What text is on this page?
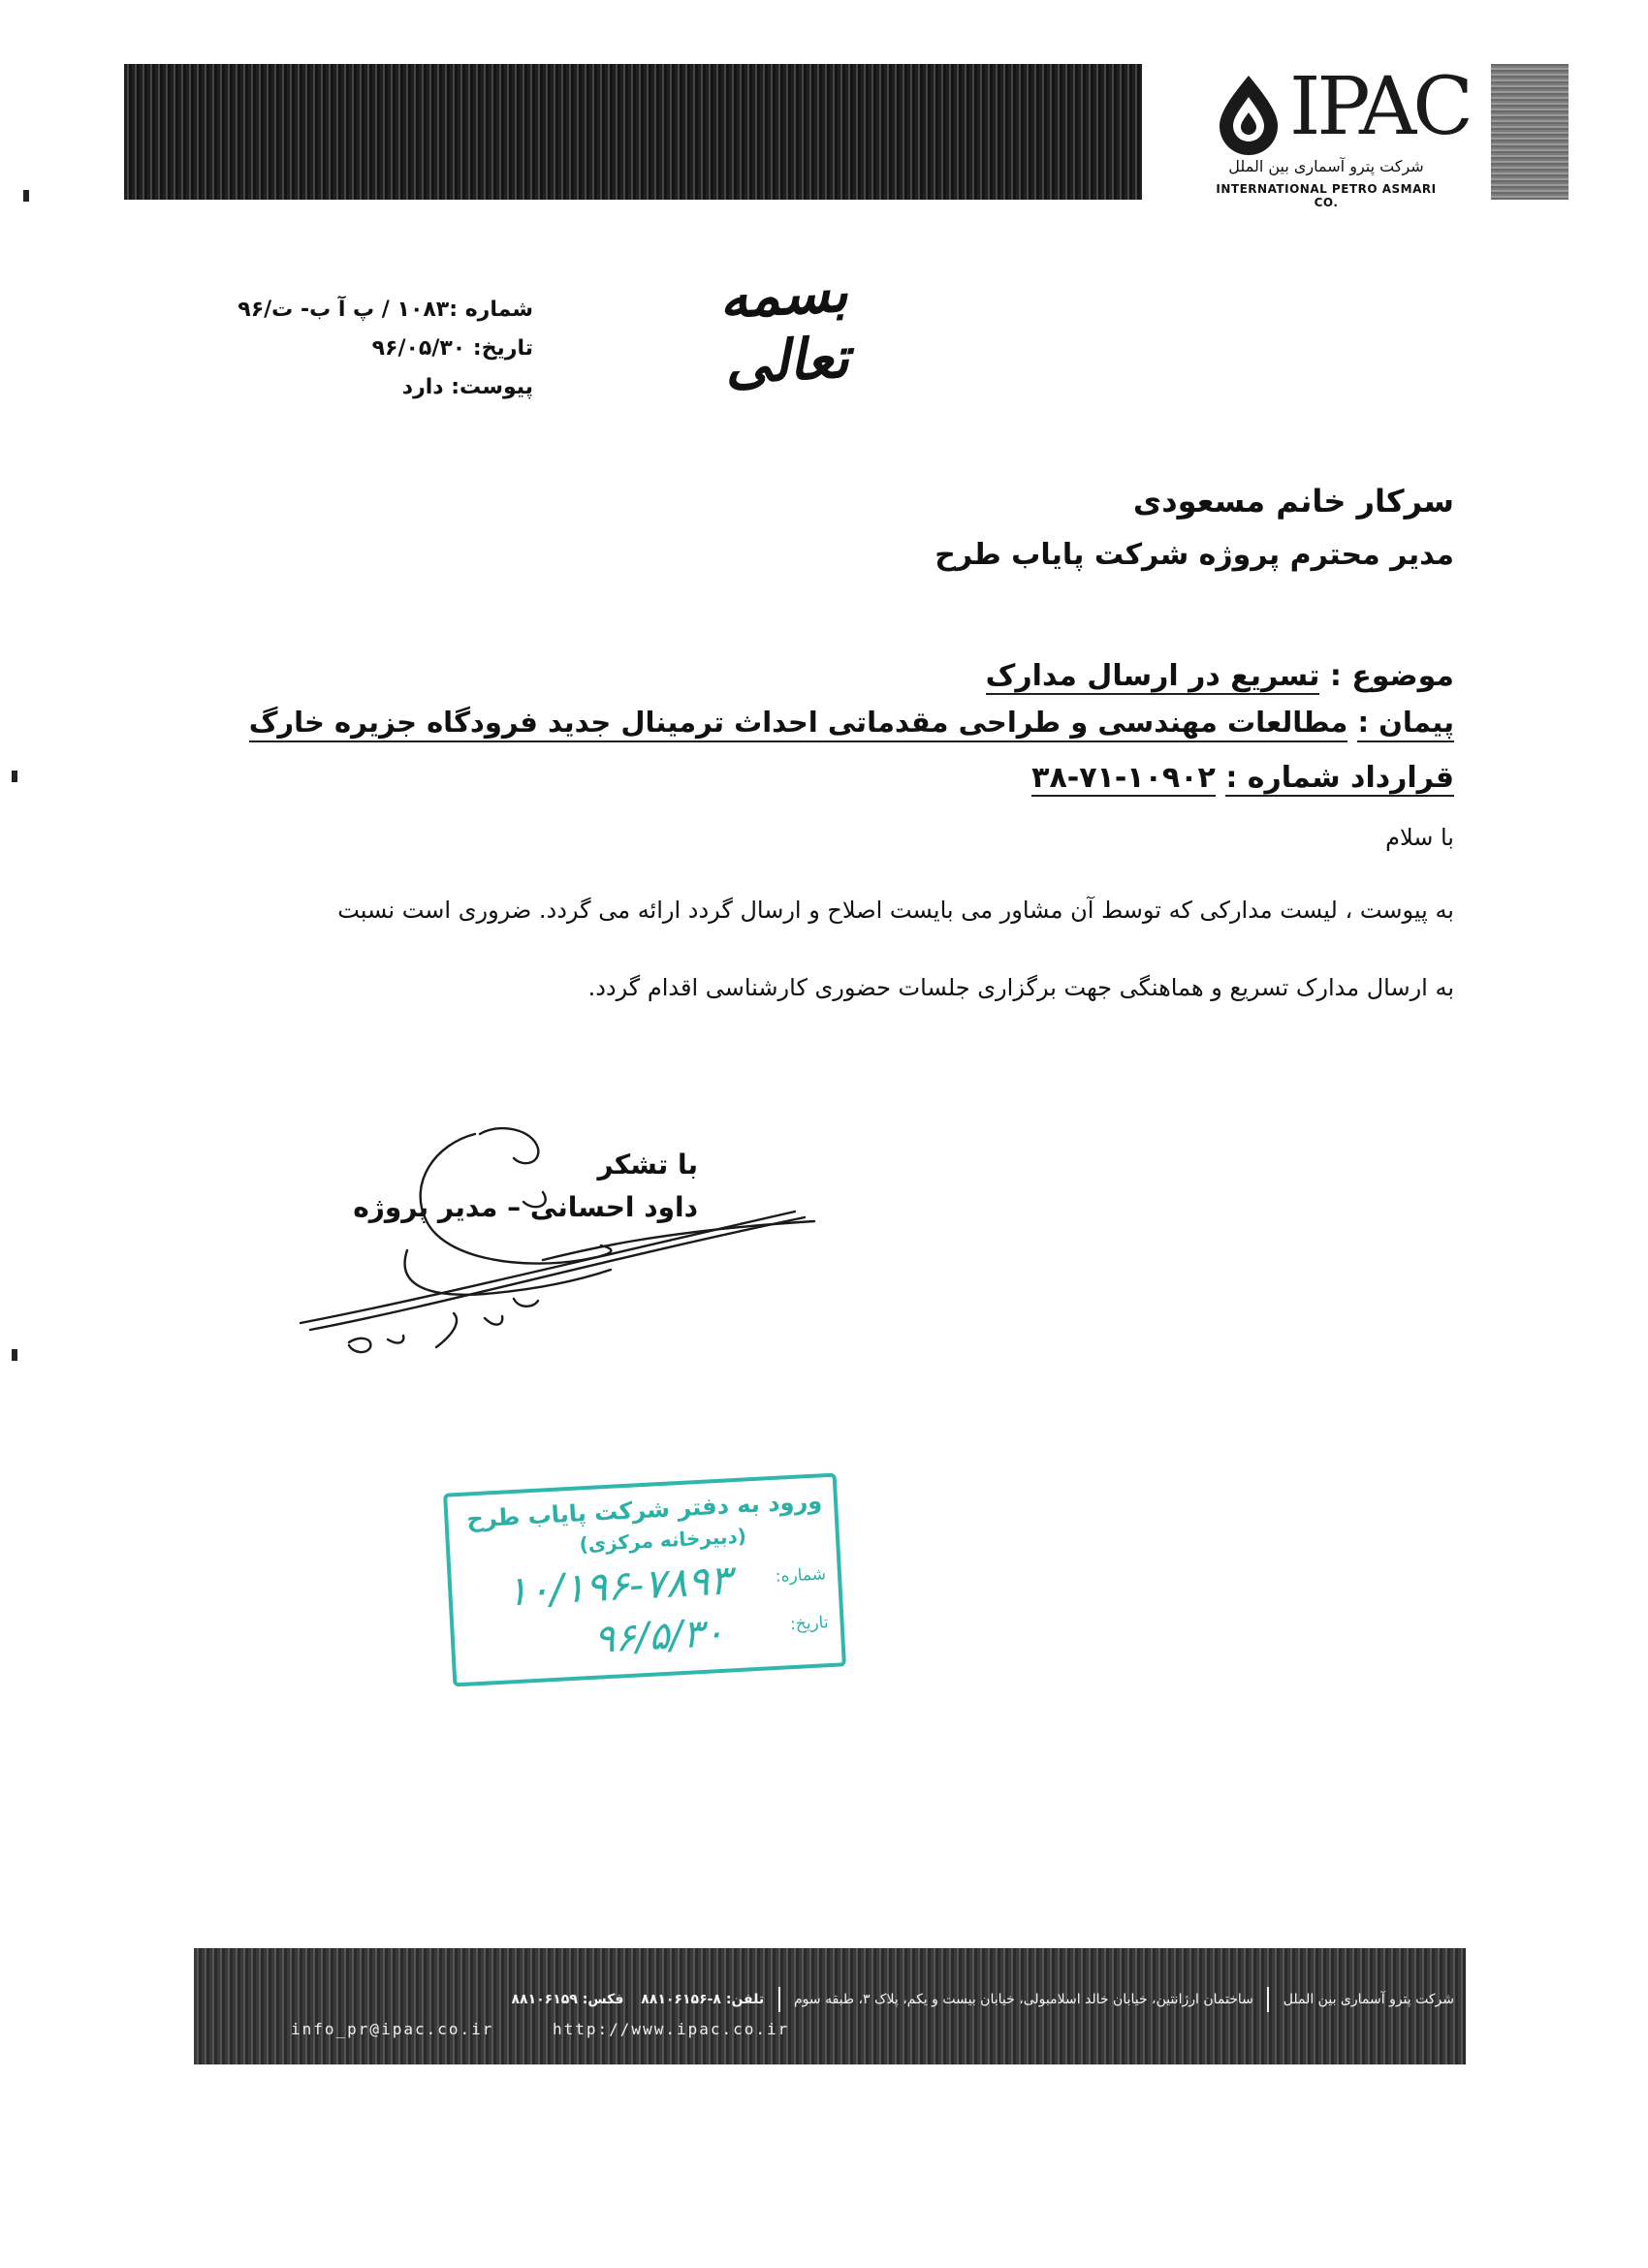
IPAC
شرکت پترو آسماری بین الملل
INTERNATIONAL PETRO ASMARI CO.
بسمه تعالی
شماره :۱۰۸۳ / پ آ ب- ت/۹۶
تاریخ: ۹۶/۰۵/۳۰
پیوست: دارد
سرکار خانم مسعودی
مدیر محترم پروژه شرکت پایاب طرح
موضوع : تسریع در ارسال مدارک
پیمان : مطالعات مهندسی و طراحی مقدماتی احداث ترمینال جدید فرودگاه جزیره خارگ
قرارداد شماره : ۱۰۹۰۲-۷۱-۳۸
با سلام
به پیوست ، لیست مدارکی که توسط آن مشاور می بایست اصلاح و ارسال گردد ارائه می گردد. ضروری است نسبت
به ارسال مدارک تسریع و هماهنگی جهت برگزاری جلسات حضوری کارشناسی اقدام گردد.
با تشکر
داود احسانی – مدیر پروژه
ورود به دفتر شرکت پایاب طرح
(دبیرخانه مرکزی)
شماره:
۱۰/۱۹۶-۷۸۹۳
تاریخ:
۹۶/۵/۳۰
شرکت پترو آسماری بین الملل  ساختمان ارژانتین، خیابان خالد اسلامبولی، خیابان بیست و یکم، پلاک ۳، طبقه سوم  تلفن: ۸-۸۸۱۰۶۱۵۶    فکس: ۸۸۱۰۶۱۵۹
info_pr@ipac.co.ir	http://www.ipac.co.ir
